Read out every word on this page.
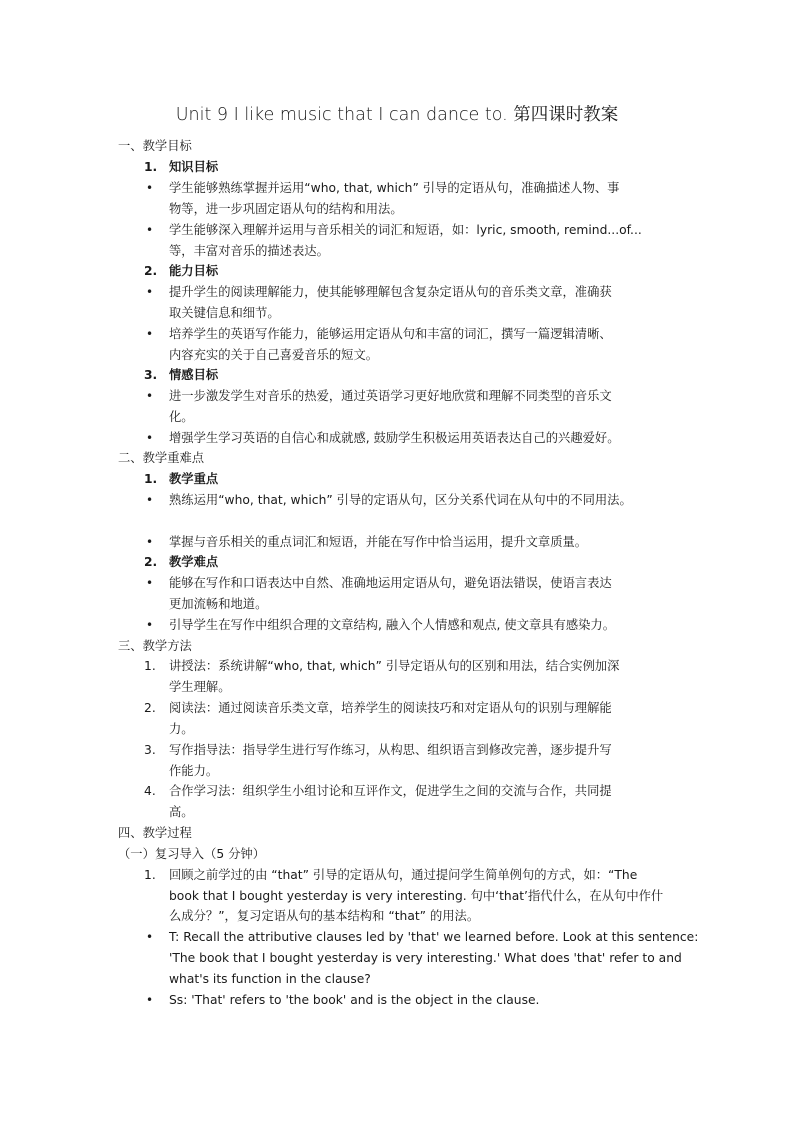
Unit 9 I like music that I can dance to. 第四课时教案
一、教学目标
1. 知识目标
• 学生能够熟练掌握并运用“who, that, which” 引导的定语从句，准确描述人物、事
物等，进一步巩固定语从句的结构和用法。
• 学生能够深入理解并运用与音乐相关的词汇和短语，如：lyric, smooth, remind...of...
等，丰富对音乐的描述表达。
2. 能力目标
• 提升学生的阅读理解能力，使其能够理解包含复杂定语从句的音乐类文章，准确获
取关键信息和细节。
• 培养学生的英语写作能力，能够运用定语从句和丰富的词汇，撰写一篇逻辑清晰、
内容充实的关于自己喜爱音乐的短文。
3. 情感目标
• 进一步激发学生对音乐的热爱，通过英语学习更好地欣赏和理解不同类型的音乐文
化。
• 增强学生学习英语的自信心和成就感, 鼓励学生积极运用英语表达自己的兴趣爱好。
二、教学重难点
1. 教学重点
• 熟练运用“who, that, which” 引导的定语从句，区分关系代词在从句中的不同用法。
• 掌握与音乐相关的重点词汇和短语，并能在写作中恰当运用，提升文章质量。
2. 教学难点
• 能够在写作和口语表达中自然、准确地运用定语从句，避免语法错误，使语言表达
更加流畅和地道。
• 引导学生在写作中组织合理的文章结构, 融入个人情感和观点, 使文章具有感染力。
三、教学方法
1. 讲授法：系统讲解“who, that, which” 引导定语从句的区别和用法，结合实例加深
学生理解。
2. 阅读法：通过阅读音乐类文章，培养学生的阅读技巧和对定语从句的识别与理解能
力。
3. 写作指导法：指导学生进行写作练习，从构思、组织语言到修改完善，逐步提升写
作能力。
4. 合作学习法：组织学生小组讨论和互评作文，促进学生之间的交流与合作，共同提
高。
四、教学过程
（一）复习导入（5 分钟）
1. 回顾之前学过的由 “that” 引导的定语从句，通过提问学生简单例句的方式，如：“The
book that I bought yesterday is very interesting. 句中‘that’指代什么，在从句中作什
么成分？”，复习定语从句的基本结构和 “that” 的用法。
• T: Recall the attributive clauses led by 'that' we learned before. Look at this sentence:
'The book that I bought yesterday is very interesting.' What does 'that' refer to and
what's its function in the clause?
• Ss: 'That' refers to 'the book' and is the object in the clause.
